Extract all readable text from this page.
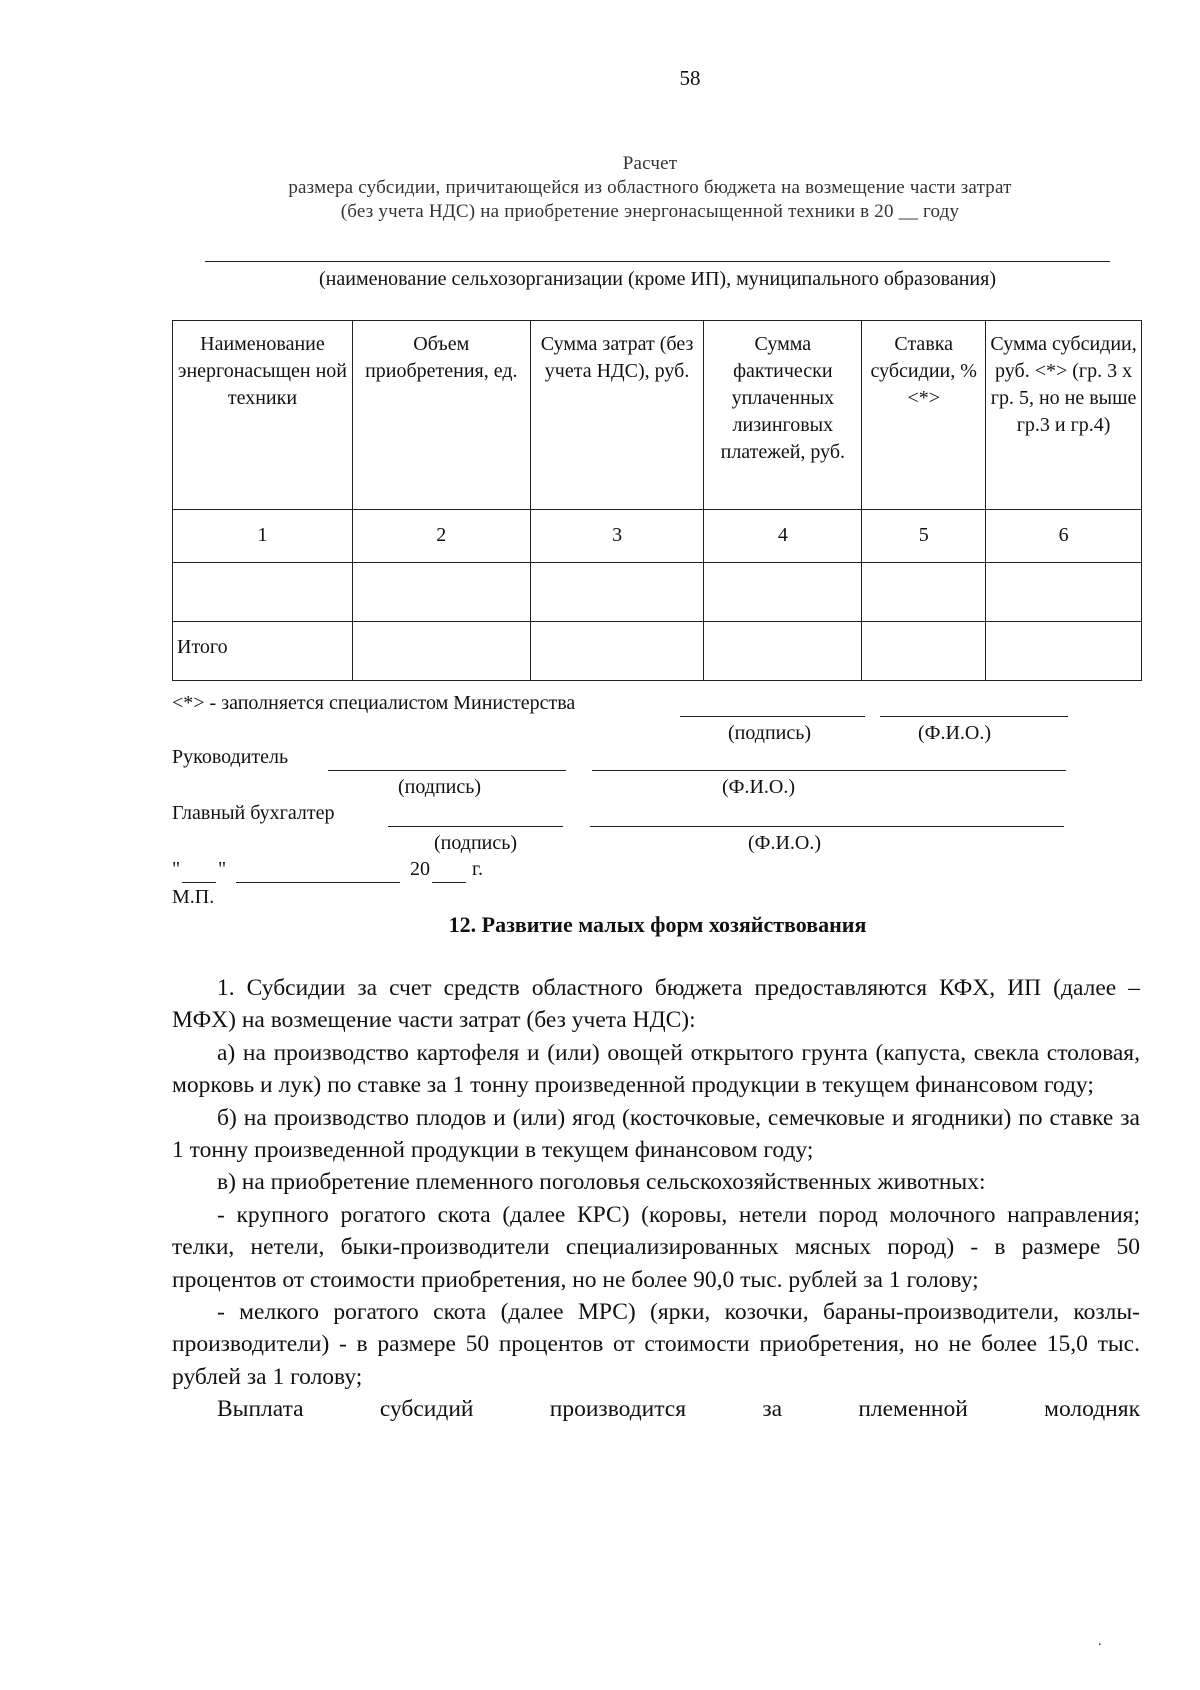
58
Расчет
размера субсидии, причитающейся из областного бюджета на возмещение части затрат
(без учета НДС) на приобретение энергонасыщенной техники в 20 __ году
(наименование сельхозорганизации (кроме ИП), муниципального образования)
Наименование энергонасыщен ной техники	Объем приобретения, ед.	Сумма затрат (без учета НДС), руб.	Сумма фактически уплаченных лизинговых платежей, руб.	Ставка субсидии, % <*>	Сумма субсидии, руб. <*> (гр. 3 х гр. 5, но не выше гр.3 и гр.4)
1	2	3	4	5	6

Итого					
<*> - заполняется специалистом Министерства
(подпись)	(Ф.И.О.)
Руководитель
(подпись)	(Ф.И.О.)
Главный бухгалтер
(подпись)	(Ф.И.О.)
" "	20 г.
М.П.
12. Развитие малых форм хозяйствования

1. Субсидии за счет средств областного бюджета предоставляются КФХ, ИП (далее – МФХ) на возмещение части затрат (без учета НДС):

а) на производство картофеля и (или) овощей открытого грунта (капуста, свекла столовая, морковь и лук) по ставке за 1 тонну произведенной продукции в текущем финансовом году;

б) на производство плодов и (или) ягод (косточковые, семечковые и ягодники) по ставке за 1 тонну произведенной продукции в текущем финансовом году;

в) на приобретение племенного поголовья сельскохозяйственных животных:

- крупного рогатого скота (далее КРС) (коровы, нетели пород молочного направления; телки, нетели, быки-производители специализированных мясных пород) - в размере 50 процентов от стоимости приобретения, но не более 90,0 тыс. рублей за 1 голову;

- мелкого рогатого скота (далее МРС) (ярки, козочки, бараны-производители, козлы-производители) - в размере 50 процентов от стоимости приобретения, но не более 15,0 тыс. рублей за 1 голову;

Выплата субсидий производится за племенной молодняк

.
